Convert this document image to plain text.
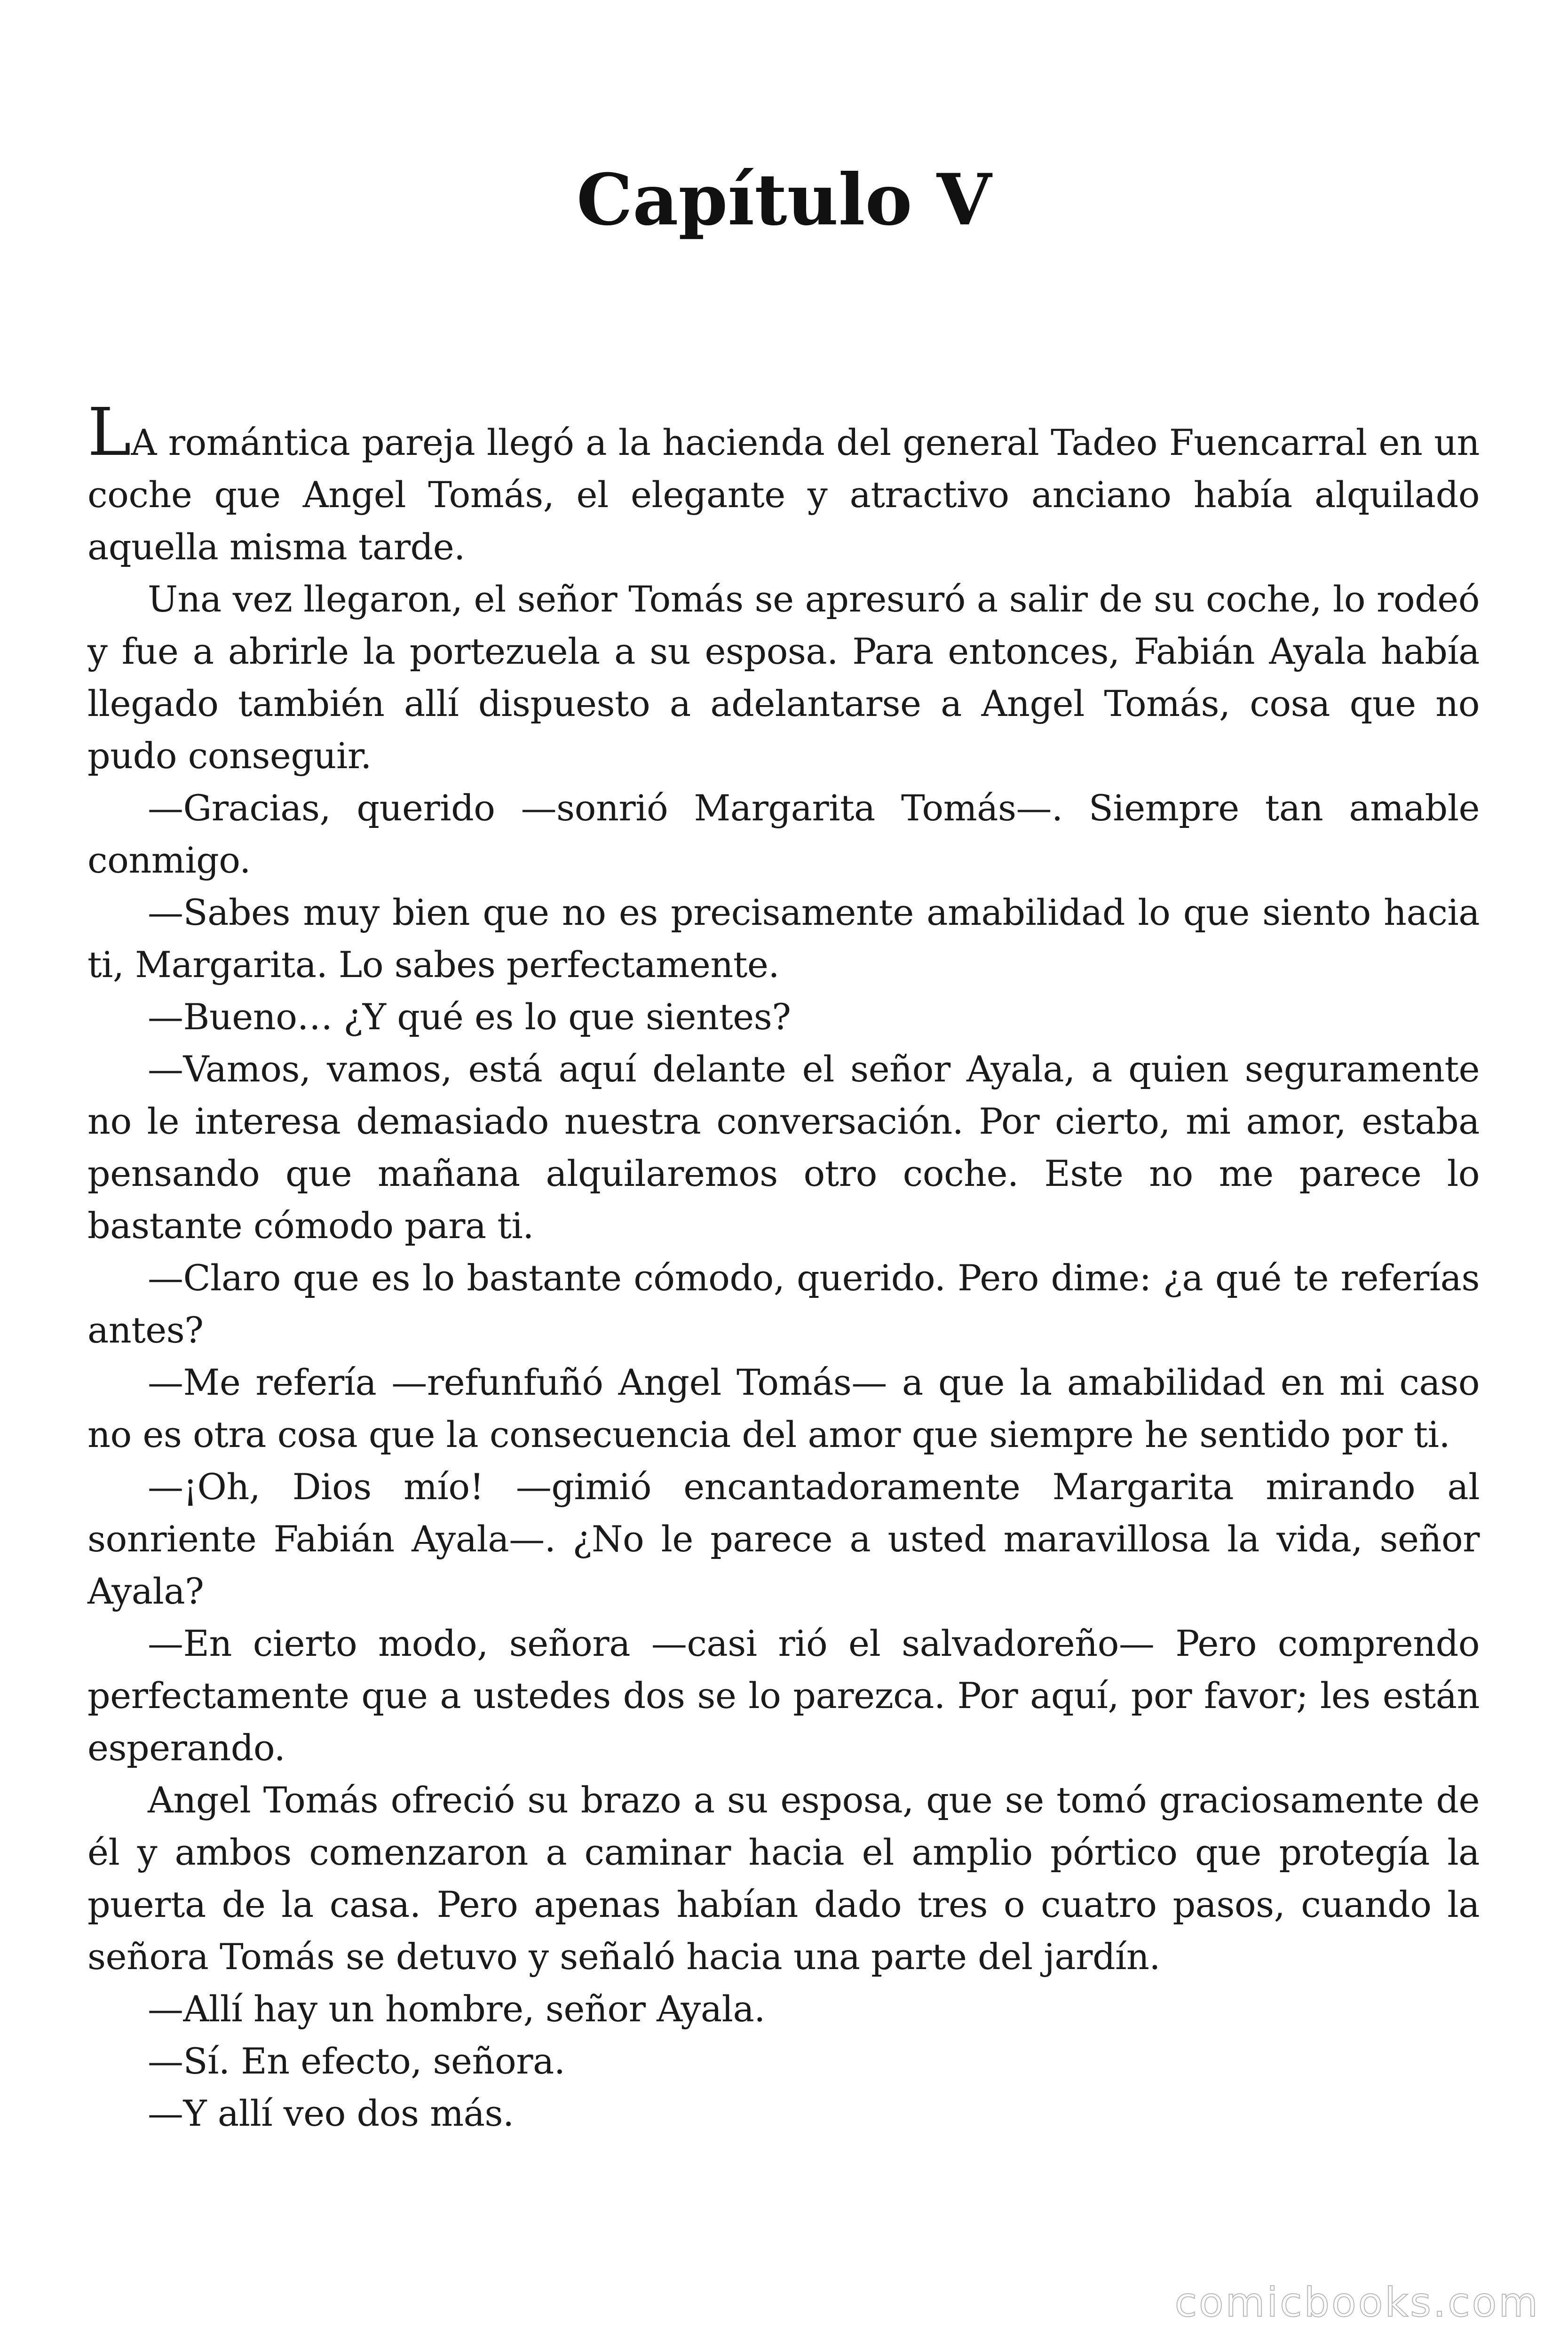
Capítulo V

LA romántica pareja llegó a la hacienda del general Tadeo Fuencarral en un coche que Angel Tomás, el elegante y atractivo anciano había alquilado aquella misma tarde.

Una vez llegaron, el señor Tomás se apresuró a salir de su coche, lo rodeó y fue a abrirle la portezuela a su esposa. Para entonces, Fabián Ayala había llegado también allí dispuesto a adelantarse a Angel Tomás, cosa que no pudo conseguir.

—Gracias, querido —sonrió Margarita Tomás—. Siempre tan amable conmigo.

—Sabes muy bien que no es precisamente amabilidad lo que siento hacia ti, Margarita. Lo sabes perfectamente.

—Bueno… ¿Y qué es lo que sientes?

—Vamos, vamos, está aquí delante el señor Ayala, a quien seguramente no le interesa demasiado nuestra conversación. Por cierto, mi amor, estaba pensando que mañana alquilaremos otro coche. Este no me parece lo bastante cómodo para ti.

—Claro que es lo bastante cómodo, querido. Pero dime: ¿a qué te referías antes?

—Me refería —refunfuñó Angel Tomás— a que la amabilidad en mi caso no es otra cosa que la consecuencia del amor que siempre he sentido por ti.

—¡Oh, Dios mío! —gimió encantadoramente Margarita mirando al sonriente Fabián Ayala—. ¿No le parece a usted maravillosa la vida, señor Ayala?

—En cierto modo, señora —casi rió el salvadoreño— Pero comprendo perfectamente que a ustedes dos se lo parezca. Por aquí, por favor; les están esperando.

Angel Tomás ofreció su brazo a su esposa, que se tomó graciosamente de él y ambos comenzaron a caminar hacia el amplio pórtico que protegía la puerta de la casa. Pero apenas habían dado tres o cuatro pasos, cuando la señora Tomás se detuvo y señaló hacia una parte del jardín.

—Allí hay un hombre, señor Ayala.

—Sí. En efecto, señora.

—Y allí veo dos más.

comicbooks.com
